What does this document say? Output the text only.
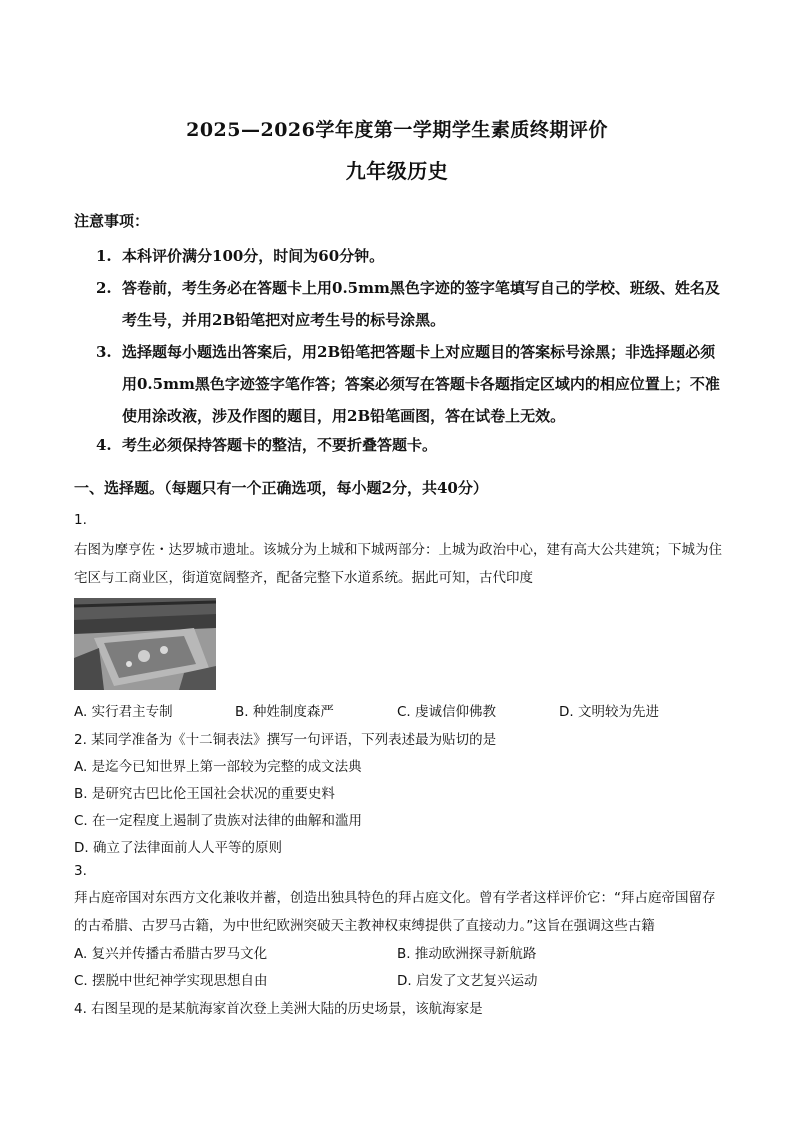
2025—2026学年度第一学期学生素质终期评价
九年级历史
注意事项：
1. 本科评价满分100分，时间为60分钟。
2. 答卷前，考生务必在答题卡上用0.5mm黑色字迹的签字笔填写自己的学校、班级、姓名及考生号，并用2B铅笔把对应考生号的标号涂黑。
3. 选择题每小题选出答案后，用2B铅笔把答题卡上对应题目的答案标号涂黑；非选择题必须用0.5mm黑色字迹签字笔作答；答案必须写在答题卡各题指定区域内的相应位置上；不准使用涂改液，涉及作图的题目，用2B铅笔画图，答在试卷上无效。
4. 考生必须保持答题卡的整洁，不要折叠答题卡。
一、选择题。（每题只有一个正确选项，每小题2分，共40分）
1.
右图为摩亨佐・达罗城市遗址。该城分为上城和下城两部分：上城为政治中心，建有高大公共建筑；下城为住宅区与工商业区，街道宽阔整齐，配备完整下水道系统。据此可知，古代印度
A. 实行君主专制	B. 种姓制度森严	C. 虔诚信仰佛教	D. 文明较为先进
2. 某同学准备为《十二铜表法》撰写一句评语，下列表述最为贴切的是
A. 是迄今已知世界上第一部较为完整的成文法典
B. 是研究古巴比伦王国社会状况的重要史料
C. 在一定程度上遏制了贵族对法律的曲解和滥用
D. 确立了法律面前人人平等的原则
3.
拜占庭帝国对东西方文化兼收并蓄，创造出独具特色的拜占庭文化。曾有学者这样评价它：“拜占庭帝国留存的古希腊、古罗马古籍，为中世纪欧洲突破天主教神权束缚提供了直接动力。”这旨在强调这些古籍
A. 复兴并传播古希腊古罗马文化	B. 推动欧洲探寻新航路
C. 摆脱中世纪神学实现思想自由	D. 启发了文艺复兴运动
4. 右图呈现的是某航海家首次登上美洲大陆的历史场景，该航海家是
